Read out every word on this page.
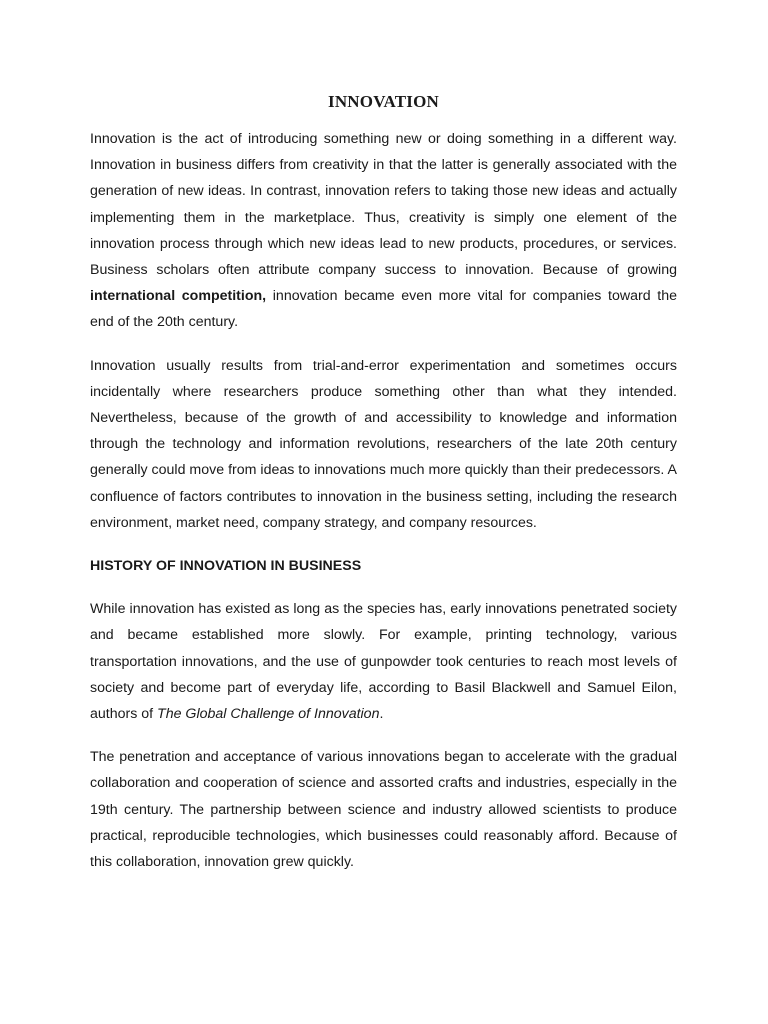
INNOVATION

Innovation is the act of introducing something new or doing something in a different way. Innovation in business differs from creativity in that the latter is generally associated with the generation of new ideas. In contrast, innovation refers to taking those new ideas and actually implementing them in the marketplace. Thus, creativity is simply one element of the innovation process through which new ideas lead to new products, procedures, or services. Business scholars often attribute company success to innovation. Because of growing international competition, innovation became even more vital for companies toward the end of the 20th century.

Innovation usually results from trial-and-error experimentation and sometimes occurs incidentally where researchers produce something other than what they intended. Nevertheless, because of the growth of and accessibility to knowledge and information through the technology and information revolutions, researchers of the late 20th century generally could move from ideas to innovations much more quickly than their predecessors. A confluence of factors contributes to innovation in the business setting, including the research environment, market need, company strategy, and company resources.

HISTORY OF INNOVATION IN BUSINESS

While innovation has existed as long as the species has, early innovations penetrated society and became established more slowly. For example, printing technology, various transportation innovations, and the use of gunpowder took centuries to reach most levels of society and become part of everyday life, according to Basil Blackwell and Samuel Eilon, authors of The Global Challenge of Innovation.

The penetration and acceptance of various innovations began to accelerate with the gradual collaboration and cooperation of science and assorted crafts and industries, especially in the 19th century. The partnership between science and industry allowed scientists to produce practical, reproducible technologies, which businesses could reasonably afford. Because of this collaboration, innovation grew quickly.
